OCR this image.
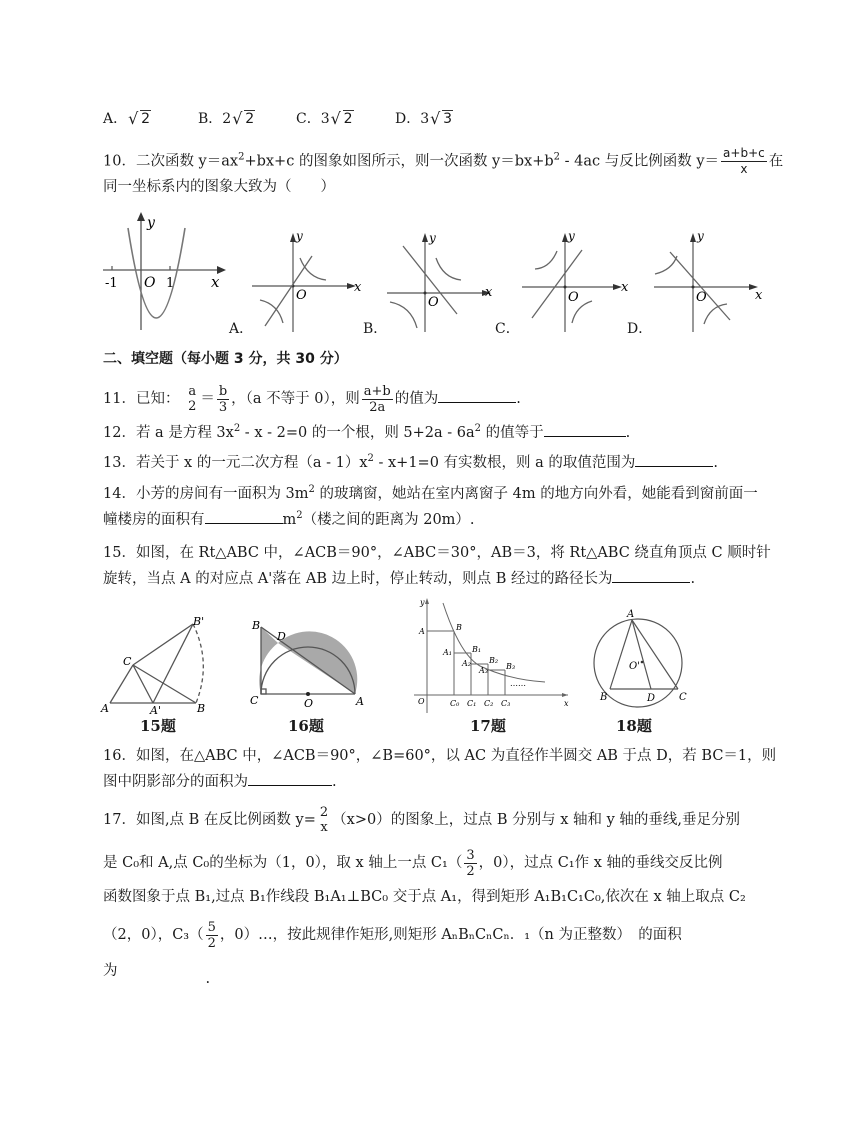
A． √ 2	B．2 √ 2	C．3 √ 2	D．3 √ 3
10．二次函数 $y=ax^2+bx+c$ 的图象如图所示，则一次函数 $y=bx+b^2 - 4ac$ 与反比例函数 $y= \frac{a+b+c}{x}$ 在
同一坐标系内的图象大致为（　　）
y
x
O
-1	1
A．
y
x
O
B．
y
O
x
C．
y
x
O
D．
y
x
O
二、填空题（每小题 3 分，共 30 分）
11．已知： a
$2 = \frac{b}{3}$ ，（a 不等于 0），则 $\frac{a+b}{2a}$ 的值为	.
12．若 a 是方程 $3x^2 - x - 2=0$ 的一个根，则 $5+2a - 6a^2$ 的值等于	.
13．若关于 x 的一元二次方程$(a - 1)x^2 - x+1=0$ 有实数根，则 a 的取值范围为	.
14．小芳的房间有一面积为 $3m^2$ 的玻璃窗，她站在室内离窗子 4m 的地方向外看，她能看到窗前面一
幢楼房的面积有	$m^2$（楼之间的距离为 20m）.
15．如图，在 Rt△ABC 中，∠ACB＝90°，∠ABC＝30°，AB＝3，将 Rt△ABC 绕直角顶点 C 顺时针
旋转，当点 A 的对应点 A'落在 AB 边上时，停止转动，则点 B 经过的路径长为	.
A	A'	B
B'
C
15题
B
D
C	O	A
16题
y
x
O
A	B
A₁	B₁
A₂ B₂
A₃ B₃
C₀ C₁ C₂ C₃
……
17题
A
B	C
D
O'
18题
16．如图，在△ABC 中，∠ACB＝90°，∠B=60°，以 AC 为直径作半圆交 AB 于点 D，若 BC＝1，则
图中阴影部分的面积为	.
17．如图,点 B 在反比例函数 y= 2
x （x>0）的图象上，过点 B 分别与 x 轴和 y 轴的垂线,垂足分别
是 C₀和 A,点 C₀的坐标为（1，0），取 x 轴上一点 $C_1( \frac{3}{2}$ ，0），过点 C₁作 x 轴的垂线交反比例
函数图象于点 B₁,过点 B₁作线段 B₁A₁⊥BC₀ 交于点 A₁，得到矩形 A₁B₁C₁C₀,依次在 x 轴上取点 C₂
（2，0），$C_3( \frac{5}{2}$ ，0）…，按此规律作矩形,则矩形 AₙBₙCₙCₙ．₁（n 为正整数）　的面积
为	.
